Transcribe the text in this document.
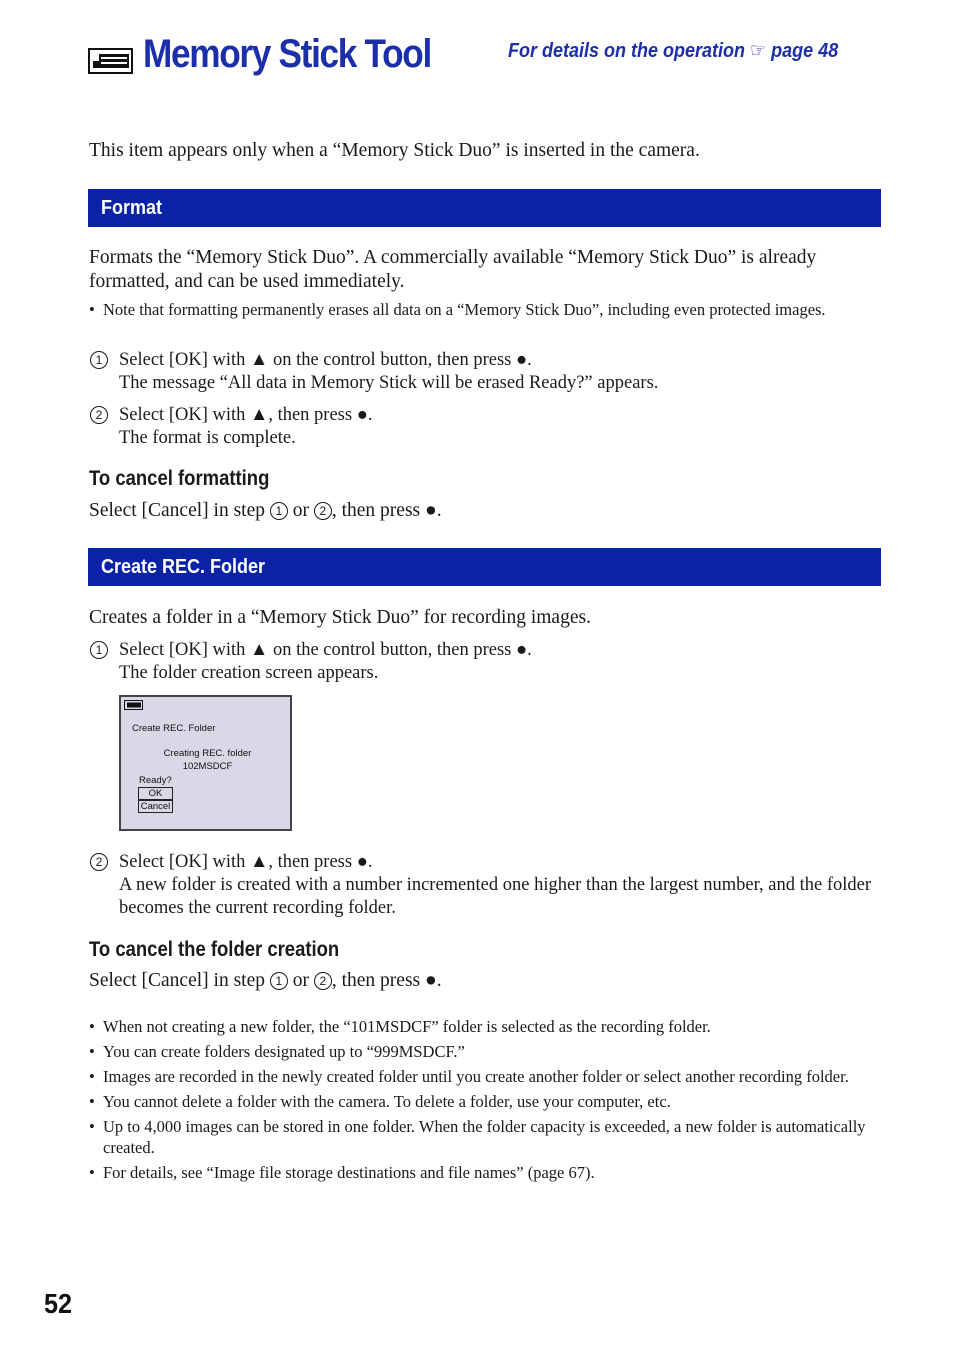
Memory Stick Tool	For details on the operation ☞ page 48
This item appears only when a “Memory Stick Duo” is inserted in the camera.
Format
Formats the “Memory Stick Duo”. A commercially available “Memory Stick Duo” is already formatted, and can be used immediately.
• Note that formatting permanently erases all data on a “Memory Stick Duo”, including even protected images.
1 Select [OK] with ▲ on the control button, then press ●.
The message “All data in Memory Stick will be erased Ready?” appears.
2 Select [OK] with ▲, then press ●.
The format is complete.
To cancel formatting
Select [Cancel] in step 1 or 2 , then press ●.
Create REC. Folder
Creates a folder in a “Memory Stick Duo” for recording images.
1 Select [OK] with ▲ on the control button, then press ●.
The folder creation screen appears.
Create REC. Folder
Creating REC. folder
102MSDCF
Ready?
OK
Cancel
2 Select [OK] with ▲, then press ●.
A new folder is created with a number incremented one higher than the largest number, and the folder becomes the current recording folder.
To cancel the folder creation
Select [Cancel] in step 1 or 2 , then press ●.
• When not creating a new folder, the “101MSDCF” folder is selected as the recording folder.
• You can create folders designated up to “999MSDCF.”
• Images are recorded in the newly created folder until you create another folder or select another recording folder.
• You cannot delete a folder with the camera. To delete a folder, use your computer, etc.
• Up to 4,000 images can be stored in one folder. When the folder capacity is exceeded, a new folder is automatically created.
• For details, see “Image file storage destinations and file names” (page 67).
52
